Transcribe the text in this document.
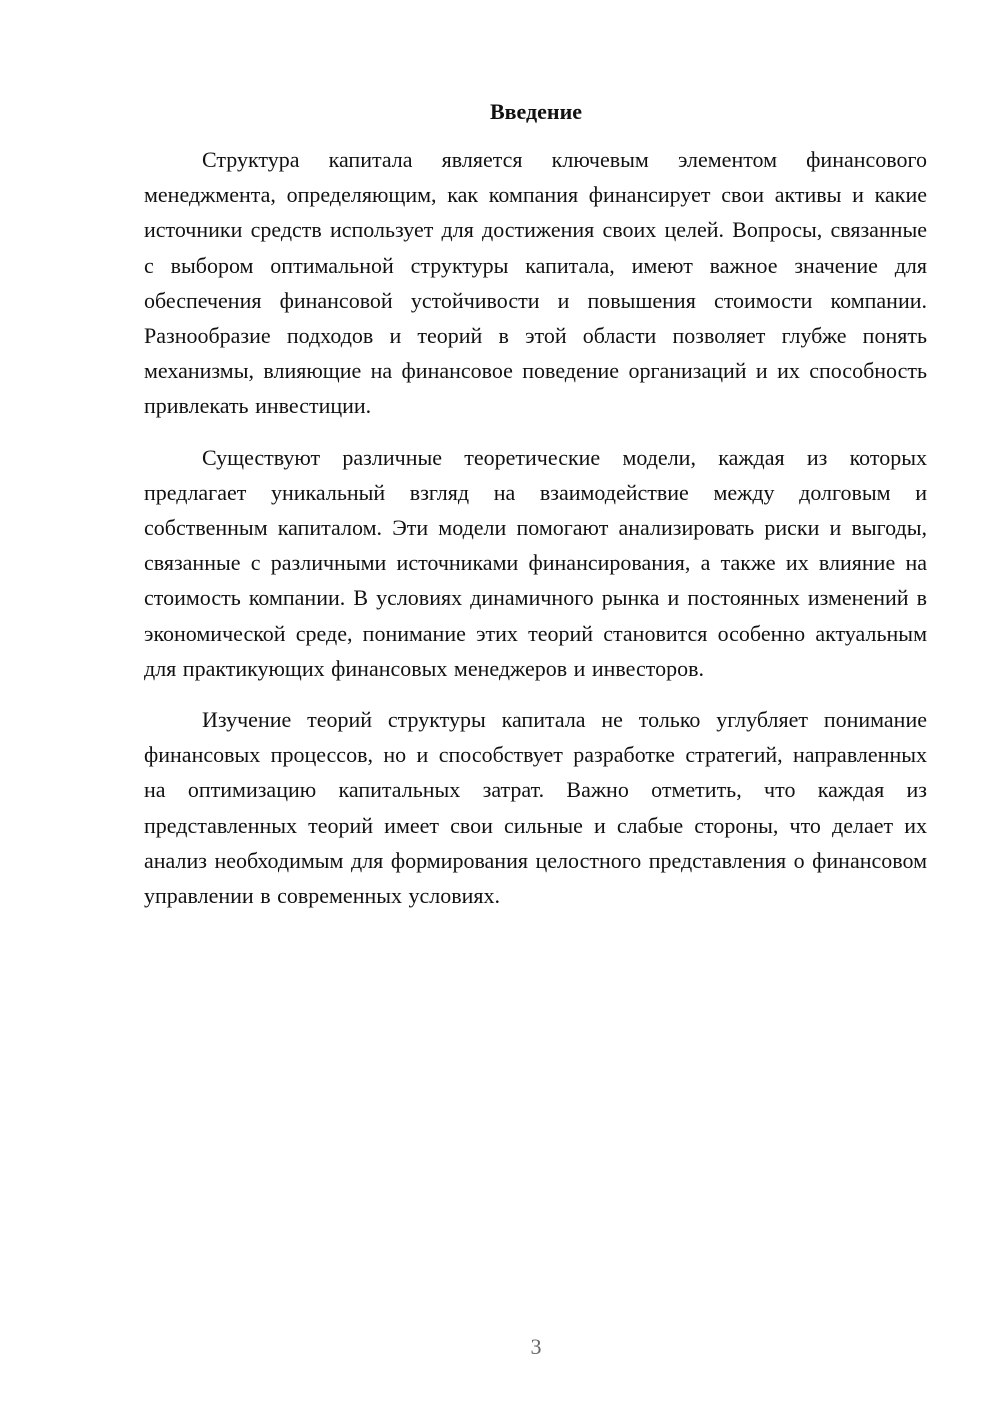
Введение

Структура капитала является ключевым элементом финансового менеджмента, определяющим, как компания финансирует свои активы и какие источники средств использует для достижения своих целей. Вопросы, связанные с выбором оптимальной структуры капитала, имеют важное значение для обеспечения финансовой устойчивости и повышения стоимости компании. Разнообразие подходов и теорий в этой области позволяет глубже понять механизмы, влияющие на финансовое поведение организаций и их способность привлекать инвестиции.

Существуют различные теоретические модели, каждая из которых предлагает уникальный взгляд на взаимодействие между долговым и собственным капиталом. Эти модели помогают анализировать риски и выгоды, связанные с различными источниками финансирования, а также их влияние на стоимость компании. В условиях динамичного рынка и постоянных изменений в экономической среде, понимание этих теорий становится особенно актуальным для практикующих финансовых менеджеров и инвесторов.

Изучение теорий структуры капитала не только углубляет понимание финансовых процессов, но и способствует разработке стратегий, направленных на оптимизацию капитальных затрат. Важно отметить, что каждая из представленных теорий имеет свои сильные и слабые стороны, что делает их анализ необходимым для формирования целостного представления о финансовом управлении в современных условиях.

3
